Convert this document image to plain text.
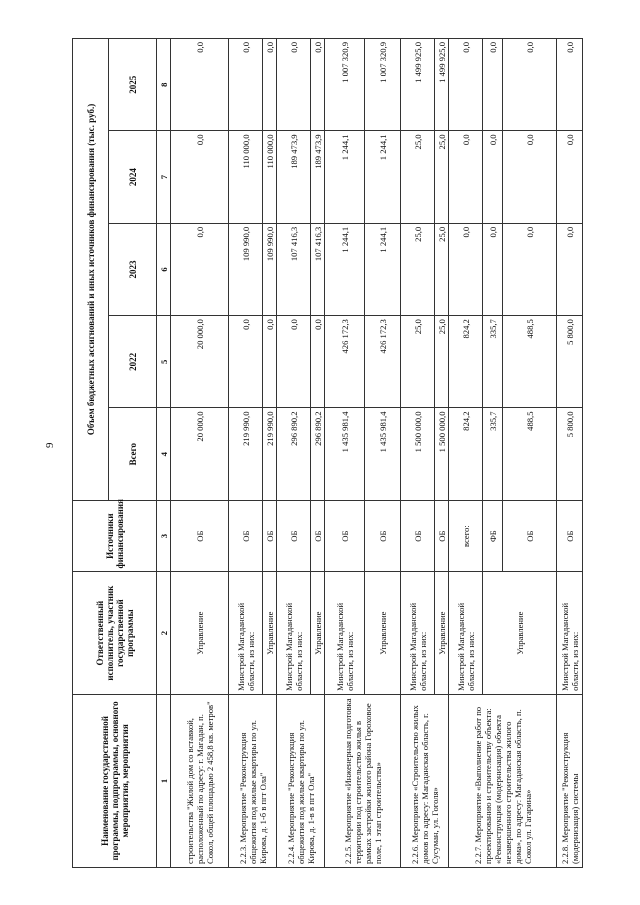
9
Наименование государственной программы, подпрограммы, основного мероприятия, мероприятия	Ответственный исполнитель, участник государственной программы	Источники финансирования	Объем бюджетных ассигнований и иных источников финансирования (тыс. руб.)				
			Всего	2022	2023	2024	2025
1	2	3	4	5	6	7	8
строительства "Жилой дом со вставкой, расположенный по адресу: г. Магадан, п. Сокол, общей площадью 2 458,8 кв. метров"	Управление	ОБ	20 000,0	20 000,0	0,0	0,0	0,0
2.2.3. Мероприятие "Реконструкция общежития под жилые квартиры по ул. Кирова, д. 1-б в пгт Ола"	Минстрой Магаданской области, из них:	ОБ	219 990,0	0,0	109 990,0	110 000,0	0,0
	Управление	ОБ	219 990,0	0,0	109 990,0	110 000,0	0,0
2.2.4. Мероприятие "Реконструкция общежития под жилые квартиры по ул. Кирова, д. 1-в в пгт Ола"	Минстрой Магаданской области, из них:	ОБ	296 890,2	0,0	107 416,3	189 473,9	0,0
	Управление	ОБ	296 890,2	0,0	107 416,3	189 473,9	0,0
2.2.5. Мероприятие «Инженерная подготовка территории под строительство жилья в рамках застройки жилого района Гороховое поле, 1 этап строительства»	Минстрой Магаданской области, из них:	ОБ	1 435 981,4	426 172,3	1 244,1	1 244,1	1 007 320,9
	Управление	ОБ	1 435 981,4	426 172,3	1 244,1	1 244,1	1 007 320,9
2.2.6. Мероприятие «Строительство жилых домов по адресу: Магаданская область, г. Сусуман, ул. Гоголя»	Минстрой Магаданской области, из них:	ОБ	1 500 000,0	25,0	25,0	25,0	1 499 925,0
	Управление	ОБ	1 500 000,0	25,0	25,0	25,0	1 499 925,0
2.2.7. Мероприятие «Выполнение работ по проектированию и строительству объекта: «Реконструкция (модернизация) объекта незавершенного строительства жилого дома», по адресу: Магаданская область, п. Сокол ул. Гагарина»	Минстрой Магаданской области, из них:	всего:	824,2	824,2	0,0	0,0	0,0
	Управление	ФБ	335,7	335,7	0,0	0,0	0,0
		ОБ	488,5	488,5	0,0	0,0	0,0
2.2.8. Мероприятие "Реконструкция (модернизация) системы	Минстрой Магаданской области, из них:	ОБ	5 800,0	5 800,0	0,0	0,0	0,0
